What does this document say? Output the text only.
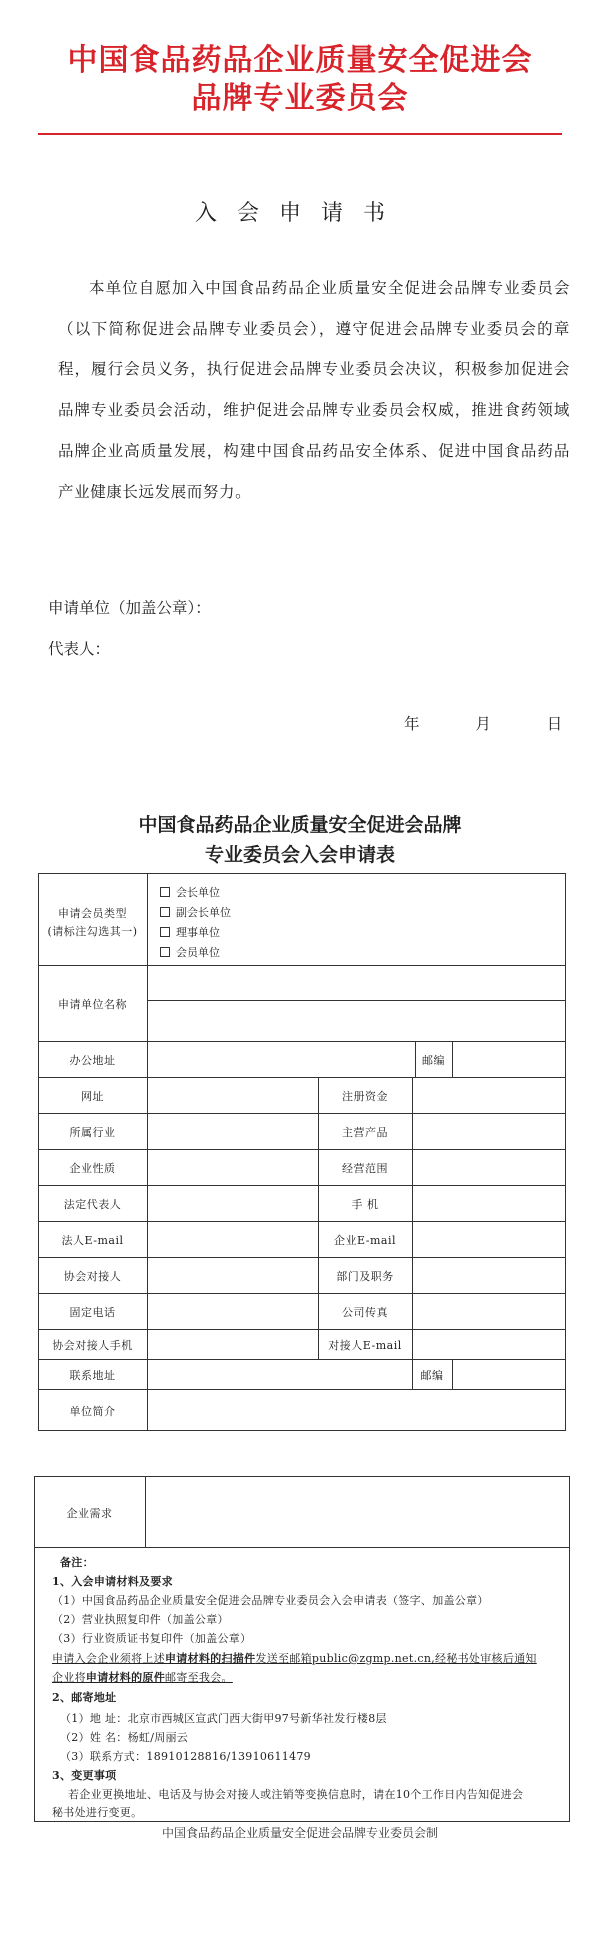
中国食品药品企业质量安全促进会
品牌专业委员会
入会申请书
本单位自愿加入中国食品药品企业质量安全促进会品牌专业委员会（以下简称促进会品牌专业委员会），遵守促进会品牌专业委员会的章程，履行会员义务，执行促进会品牌专业委员会决议，积极参加促进会品牌专业委员会活动，维护促进会品牌专业委员会权威，推进食药领域品牌企业高质量发展，构建中国食品药品安全体系、促进中国食品药品产业健康长远发展而努力。
申请单位（加盖公章）：
代表人：
年	月	日
中国食品药品企业质量安全促进会品牌
专业委员会入会申请表
申请会员类型
(请标注勾选其一)
会长单位
副会长单位
理事单位
会员单位
申请单位名称
办公地址	邮编
网址	注册资金
所属行业	主营产品
企业性质	经营范围
法定代表人	手 机
法人E-mail	企业E-mail
协会对接人	部门及职务
固定电话	公司传真
协会对接人手机	对接人E-mail
联系地址	邮编
单位简介
企业需求
备注：
1、入会申请材料及要求
（1）中国食品药品企业质量安全促进会品牌专业委员会入会申请表（签字、加盖公章）
（2）营业执照复印件（加盖公章）
（3）行业资质证书复印件（加盖公章）
申请入会企业须将上述申请材料的扫描件发送至邮箱public@zgmp.net.cn,经秘书处审核后通知
企业将申请材料的原件邮寄至我会。
2、邮寄地址
（1）地 址：北京市西城区宣武门西大街甲97号新华社发行楼8层
（2）姓 名：杨虹/周丽云
（3）联系方式：18910128816/13910611479
3、变更事项
若企业更换地址、电话及与协会对接人或注销等变换信息时，请在10个工作日内告知促进会
秘书处进行变更。
中国食品药品企业质量安全促进会品牌专业委员会制
